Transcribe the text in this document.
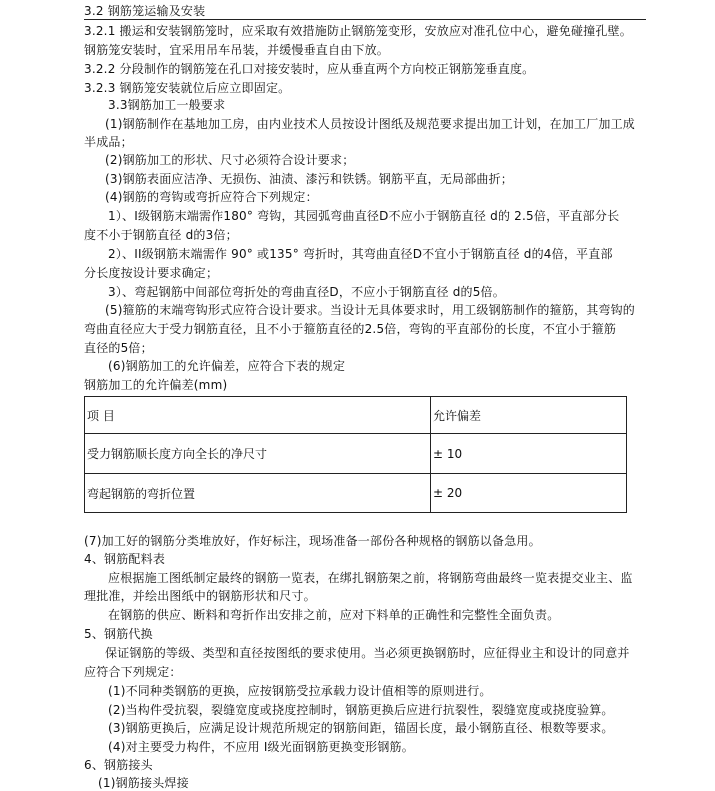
3.2 钢筋笼运输及安装
3.2.1 搬运和安装钢筋笼时，应采取有效措施防止钢筋笼变形，安放应对准孔位中心，避免碰撞孔壁。
钢筋笼安装时，宜采用吊车吊装，并缓慢垂直自由下放。
3.2.2 分段制作的钢筋笼在孔口对接安装时，应从垂直两个方向校正钢筋笼垂直度。
3.2.3 钢筋笼安装就位后应立即固定。
3.3钢筋加工一般要求
(1)钢筋制作在基地加工房，由内业技术人员按设计图纸及规范要求提出加工计划，在加工厂加工成
半成品；
(2)钢筋加工的形状、尺寸必须符合设计要求；
(3)钢筋表面应洁净、无损伤、油渍、漆污和铁锈。钢筋平直，无局部曲折；
(4)钢筋的弯钩或弯折应符合下列规定：
1）、I级钢筋末端需作180° 弯钩，其园弧弯曲直径D不应小于钢筋直径 d的 2.5倍，平直部分长
度不小于钢筋直径 d的3倍；
2）、II级钢筋末端需作 90° 或135° 弯折时，其弯曲直径D不宜小于钢筋直径 d的4倍，平直部
分长度按设计要求确定；
3）、弯起钢筋中间部位弯折处的弯曲直径D，不应小于钢筋直径 d的5倍。
(5)箍筋的末端弯钩形式应符合设计要求。当设计无具体要求时，用工级钢筋制作的箍筋，其弯钩的
弯曲直径应大于受力钢筋直径，且不小于箍筋直径的2.5倍，弯钩的平直部份的长度，不宜小于箍筋
直径的5倍；
(6)钢筋加工的允许偏差，应符合下表的规定
钢筋加工的允许偏差(mm)
项 目	允许偏差
受力钢筋顺长度方向全长的净尺寸	± 10
弯起钢筋的弯折位置	± 20
(7)加工好的钢筋分类堆放好，作好标注，现场准备一部份各种规格的钢筋以备急用。
4、钢筋配料表
应根据施工图纸制定最终的钢筋一览表，在绑扎钢筋架之前，将钢筋弯曲最终一览表提交业主、监
理批准，并绘出图纸中的钢筋形状和尺寸。
在钢筋的供应、断料和弯折作出安排之前，应对下料单的正确性和完整性全面负责。
5、钢筋代换
保证钢筋的等级、类型和直径按图纸的要求使用。当必须更换钢筋时，应征得业主和设计的同意并
应符合下列规定：
(1)不同种类钢筋的更换，应按钢筋受拉承载力设计值相等的原则进行。
(2)当构件受抗裂，裂缝宽度或挠度控制时，钢筋更换后应进行抗裂性，裂缝宽度或挠度验算。
(3)钢筋更换后，应满足设计规范所规定的钢筋间距，锚固长度，最小钢筋直径、根数等要求。
(4)对主要受力构件，不应用 I级光面钢筋更换变形钢筋。
6、钢筋接头
(1)钢筋接头焊接
